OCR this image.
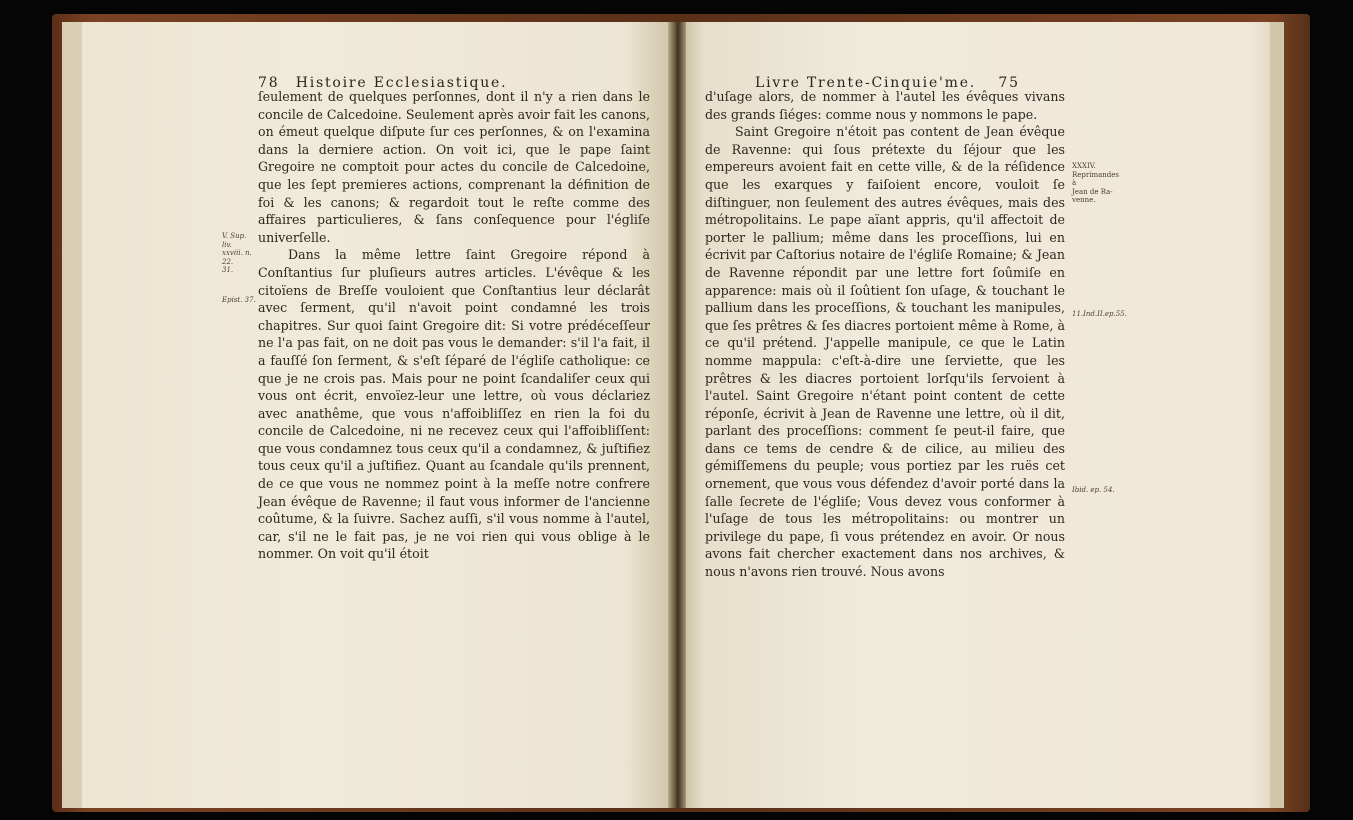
78 Histoire Ecclesiastique.
V. Sup. liv.
xxviii. n. 22.
31.
Epist. 37.

ſeulement de quelques perſonnes, dont il n'y a rien dans le concile de Calcedoine. Seulement après avoir fait les canons, on émeut quelque diſpute ſur ces perſonnes, & on l'examina dans la derniere action. On voit ici, que le pape ſaint Gregoire ne comptoit pour actes du concile de Calcedoine, que les ſept premieres actions, comprenant la définition de foi & les canons; & regardoit tout le reſte comme des affaires particulieres, & ſans conſequence pour l'égliſe univerſelle.

Dans la même lettre ſaint Gregoire répond à Conſtantius ſur pluſieurs autres articles. L'évêque & les citoïens de Breſſe vouloient que Conſtantius leur déclarât avec ſerment, qu'il n'avoit point condamné les trois chapitres. Sur quoi ſaint Gregoire dit: Si votre prédéceſſeur ne l'a pas fait, on ne doit pas vous le demander: s'il l'a fait, il a fauſſé ſon ſerment, & s'eſt ſéparé de l'égliſe catholique: ce que je ne crois pas. Mais pour ne point ſcandaliſer ceux qui vous ont écrit, envoïez-leur une lettre, où vous déclariez avec anathême, que vous n'affoibliſſez en rien la foi du concile de Calcedoine, ni ne recevez ceux qui l'affoibliſſent: que vous condamnez tous ceux qu'il a condamnez, & juſtifiez tous ceux qu'il a juſtifiez. Quant au ſcandale qu'ils prennent, de ce que vous ne nommez point à la meſſe notre confrere Jean évêque de Ravenne; il faut vous informer de l'ancienne coûtume, & la ſuivre. Sachez auſſi, s'il vous nomme à l'autel, car, s'il ne le fait pas, je ne voi rien qui vous oblige à le nommer. On voit qu'il étoit

Livre Trente-Cinquie'me. 75

d'uſage alors, de nommer à l'autel les évêques vivans des grands ſiéges: comme nous y nommons le pape.

Saint Gregoire n'étoit pas content de Jean évêque de Ravenne: qui ſous prétexte du ſéjour que les empereurs avoient fait en cette ville, & de la réſidence que les exarques y faiſoient encore, vouloit ſe diſtinguer, non ſeulement des autres évêques, mais des métropolitains. Le pape aïant appris, qu'il affectoit de porter le pallium; même dans les proceſſions, lui en écrivit par Caſtorius notaire de l'égliſe Romaine; & Jean de Ravenne répondit par une lettre fort ſoûmiſe en apparence: mais où il ſoûtient ſon uſage, & touchant le pallium dans les proceſſions, & touchant les manipules, que ſes prêtres & ſes diacres portoient même à Rome, à ce qu'il prétend. J'appelle manipule, ce que le Latin nomme mappula: c'eſt-à-dire une ſerviette, que les prêtres & les diacres portoient lorſqu'ils ſervoient à l'autel. Saint Gregoire n'étant point content de cette réponſe, écrivit à Jean de Ravenne une lettre, où il dit, parlant des proceſſions: comment ſe peut-il faire, que dans ce tems de cendre & de cilice, au milieu des gémiſſemens du peuple; vous portiez par les ruës cet ornement, que vous vous défendez d'avoir porté dans la ſalle ſecrete de l'égliſe; Vous devez vous conformer à l'uſage de tous les métropolitains: ou montrer un privilege du pape, ſi vous prétendez en avoir. Or nous avons fait chercher exactement dans nos archives, & nous n'avons rien trouvé. Nous avons

XXXIV.
Reprimandes à
Jean de Ra-
venne.
11.Ind.II.ep.55.
Ibid. ep. 54.
